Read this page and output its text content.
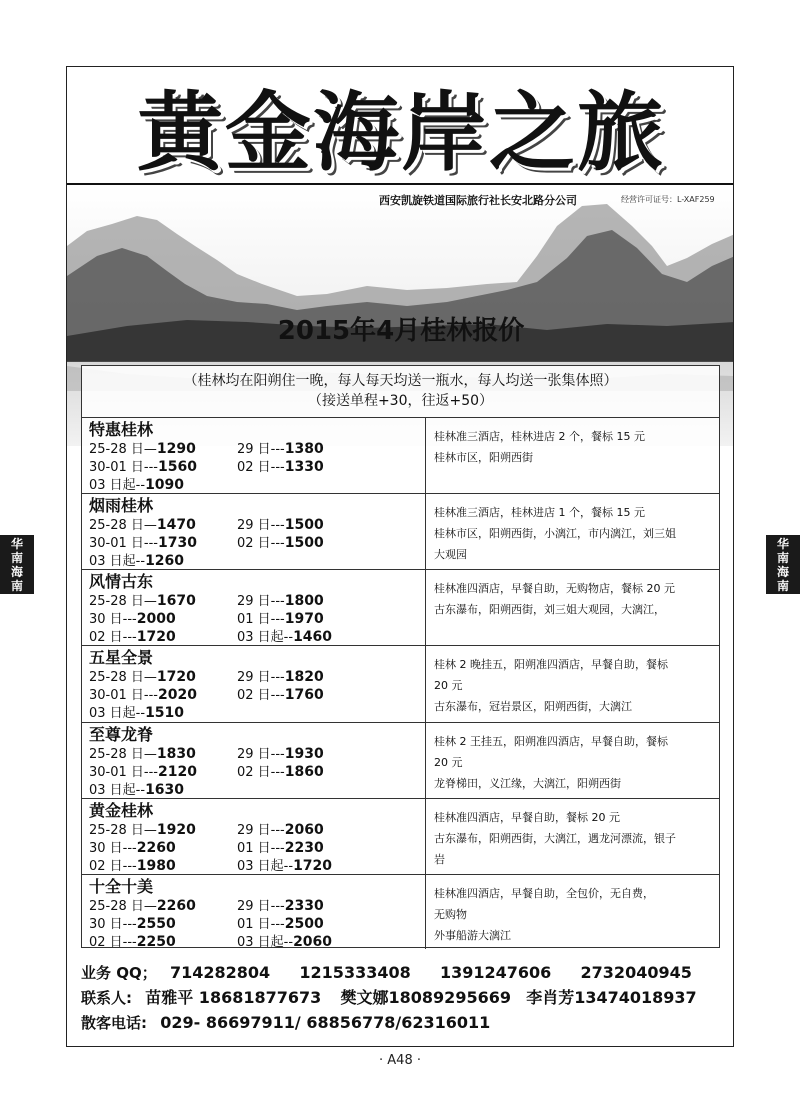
黄金海岸之旅
西安凯旋铁道国际旅行社长安北路分公司	经营许可证号：L-XAF259
2015年4月桂林报价
（桂林均在阳朔住一晚，每人每天均送一瓶水，每人均送一张集体照）
（接送单程+30，往返+50）
特惠桂林
25-28 日—1290	29 日---1380
30-01 日---1560	02 日---1330
03 日起--1090
桂林准三酒店，桂林进店 2 个，餐标 15 元
桂林市区，阳朔西街
烟雨桂林
25-28 日—1470	29 日---1500
30-01 日---1730	02 日---1500
03 日起--1260
桂林准三酒店，桂林进店 1 个，餐标 15 元
桂林市区，阳朔西街，小漓江，市内漓江，刘三姐
大观园
风情古东
25-28 日—1670	29 日---1800
30 日---2000	01 日---1970
02 日---1720	03 日起--1460
桂林准四酒店，早餐自助，无购物店，餐标 20 元
古东瀑布，阳朔西街，刘三姐大观园，大漓江，
五星全景
25-28 日—1720	29 日---1820
30-01 日---2020	02 日---1760
03 日起--1510
桂林 2 晚挂五，阳朔准四酒店，早餐自助，餐标
20 元
古东瀑布，冠岩景区，阳朔西街，大漓江
至尊龙脊
25-28 日—1830	29 日---1930
30-01 日---2120	02 日---1860
03 日起--1630
桂林 2 王挂五，阳朔准四酒店，早餐自助，餐标
20 元
龙脊梯田，义江缘，大漓江，阳朔西街
黄金桂林
25-28 日—1920	29 日---2060
30 日---2260	01 日---2230
02 日---1980	03 日起--1720
桂林准四酒店，早餐自助，餐标 20 元
古东瀑布，阳朔西街，大漓江，遇龙河漂流，银子
岩
十全十美
25-28 日—2260	29 日---2330
30 日---2550	01 日---2500
02 日---2250	03 日起--2060
桂林准四酒店，早餐自助，全包价，无自费，
无购物
外事船游大漓江
业务 QQ； 714282804 1215333408 1391247606 2732040945
联系人: 苗雅平 18681877673 樊文娜18089295669 李肖芳13474018937
散客电话: 029- 86697911/ 68856778/62316011
华
南
海
南
华
南
海
南
· A48 ·
